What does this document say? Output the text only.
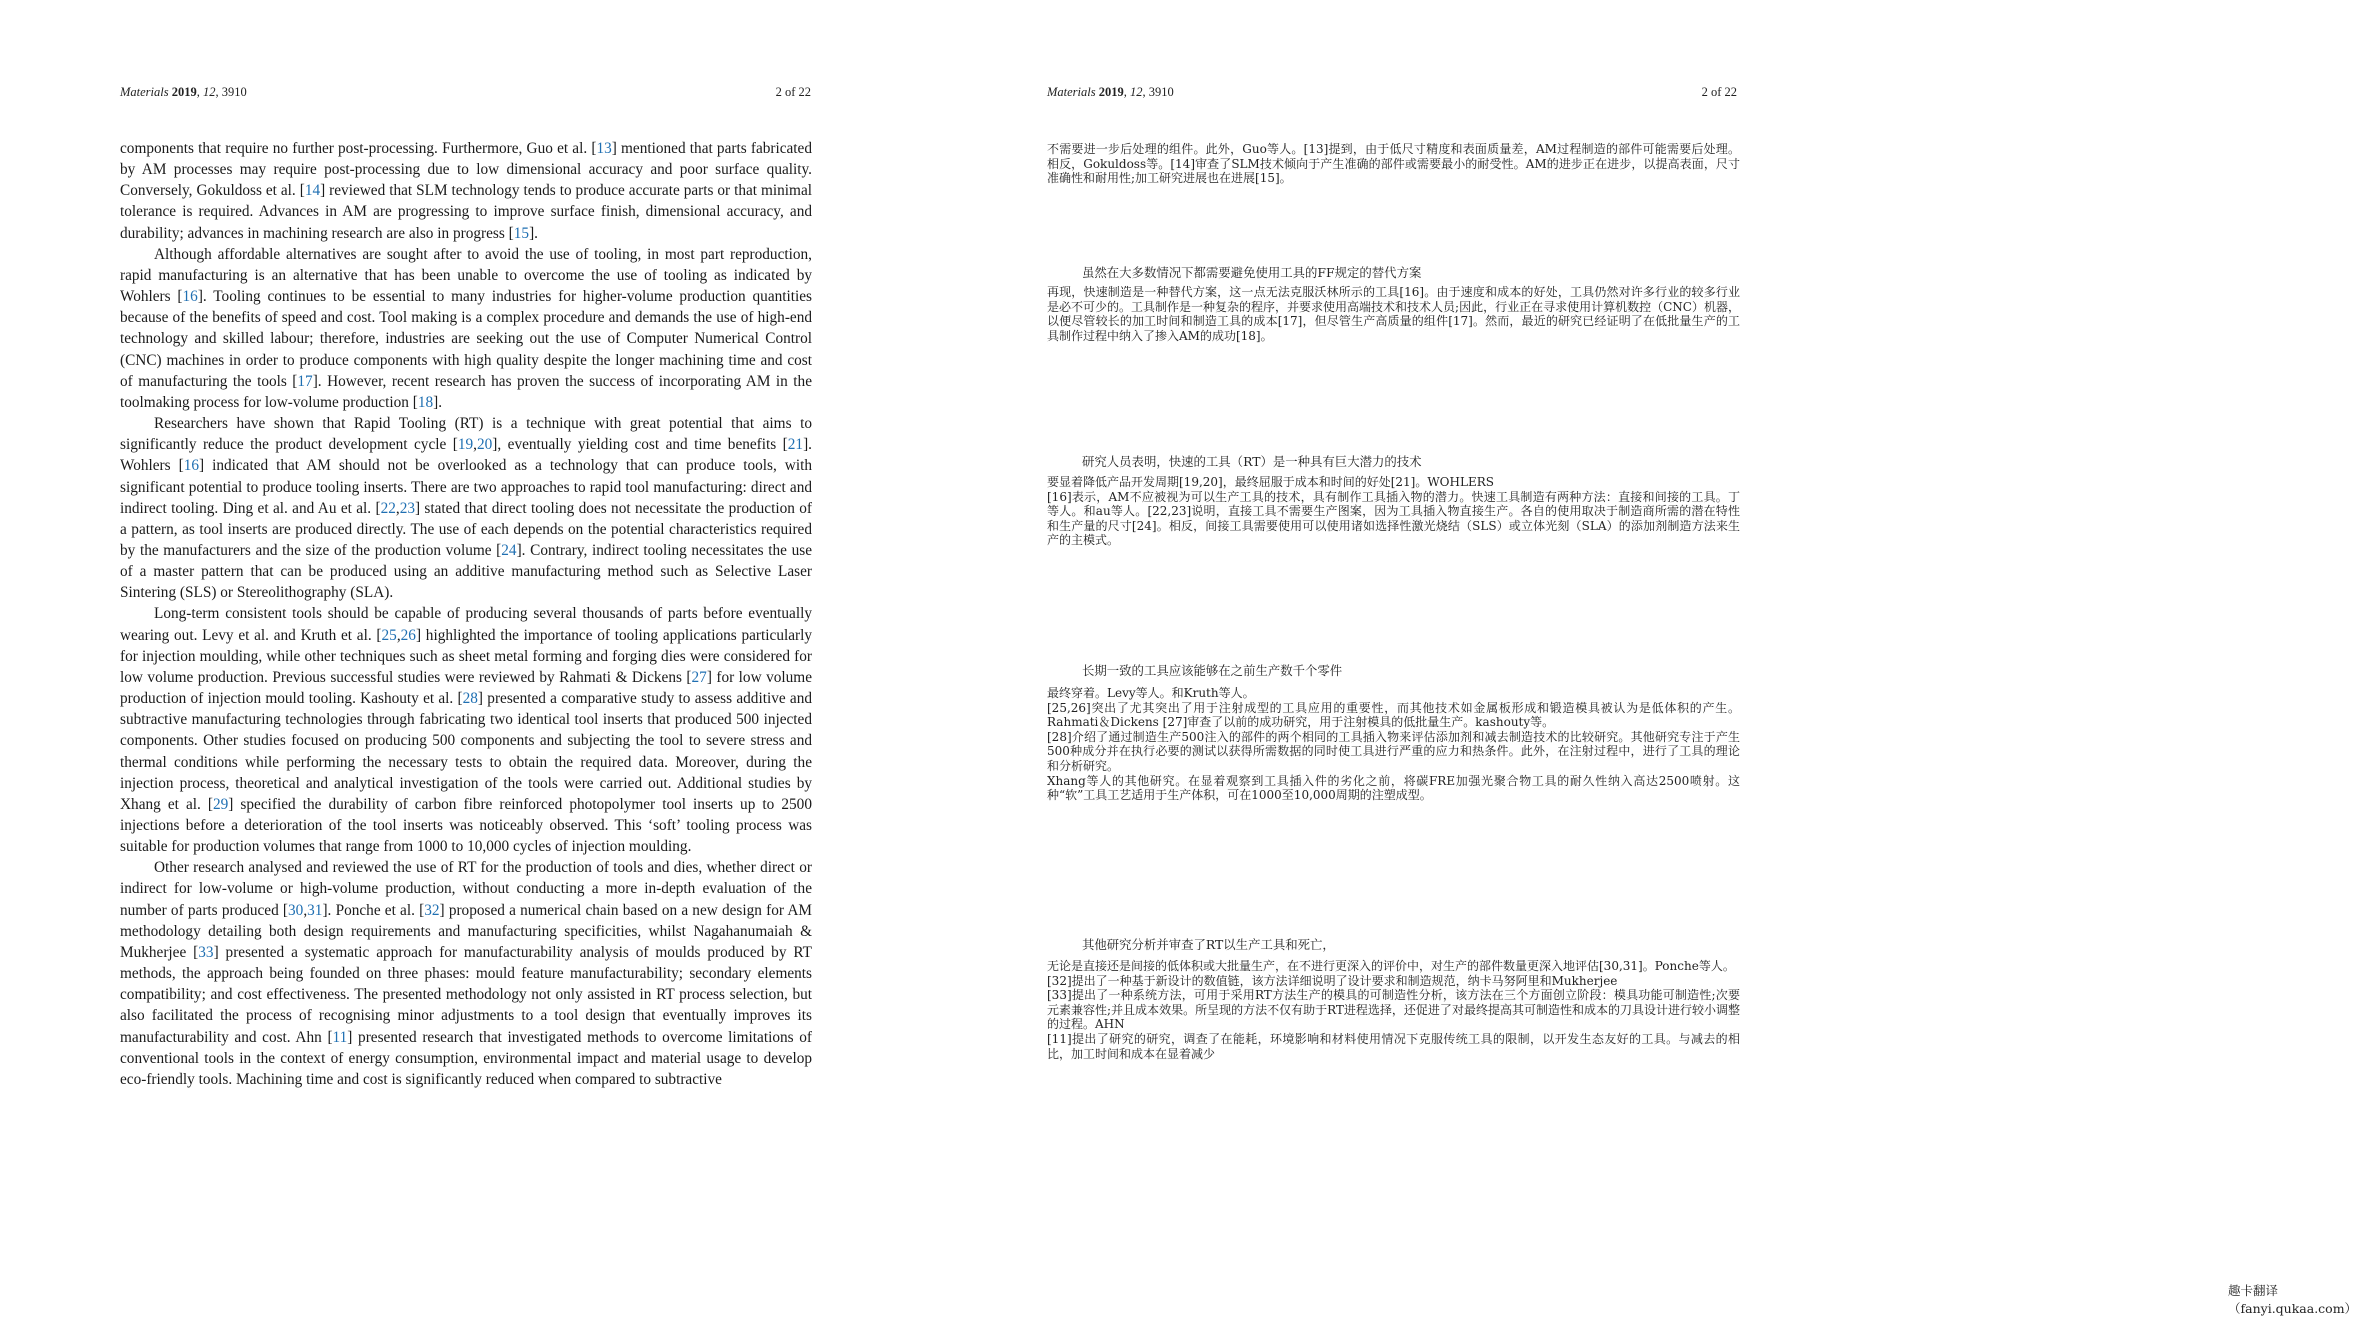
Materials 2019, 12, 3910	2 of 22

components that require no further post-processing. Furthermore, Guo et al. [13] mentioned that parts fabricated by AM processes may require post-processing due to low dimensional accuracy and poor surface quality. Conversely, Gokuldoss et al. [14] reviewed that SLM technology tends to produce accurate parts or that minimal tolerance is required. Advances in AM are progressing to improve surface finish, dimensional accuracy, and durability; advances in machining research are also in progress [15].

Although affordable alternatives are sought after to avoid the use of tooling, in most part reproduction, rapid manufacturing is an alternative that has been unable to overcome the use of tooling as indicated by Wohlers [16]. Tooling continues to be essential to many industries for higher-volume production quantities because of the benefits of speed and cost. Tool making is a complex procedure and demands the use of high-end technology and skilled labour; therefore, industries are seeking out the use of Computer Numerical Control (CNC) machines in order to produce components with high quality despite the longer machining time and cost of manufacturing the tools [17]. However, recent research has proven the success of incorporating AM in the toolmaking process for low-volume production [18].

Researchers have shown that Rapid Tooling (RT) is a technique with great potential that aims to significantly reduce the product development cycle [19,20], eventually yielding cost and time benefits [21]. Wohlers [16] indicated that AM should not be overlooked as a technology that can produce tools, with significant potential to produce tooling inserts. There are two approaches to rapid tool manufacturing: direct and indirect tooling. Ding et al. and Au et al. [22,23] stated that direct tooling does not necessitate the production of a pattern, as tool inserts are produced directly. The use of each depends on the potential characteristics required by the manufacturers and the size of the production volume [24]. Contrary, indirect tooling necessitates the use of a master pattern that can be produced using an additive manufacturing method such as Selective Laser Sintering (SLS) or Stereolithography (SLA).

Long-term consistent tools should be capable of producing several thousands of parts before eventually wearing out. Levy et al. and Kruth et al. [25,26] highlighted the importance of tooling applications particularly for injection moulding, while other techniques such as sheet metal forming and forging dies were considered for low volume production. Previous successful studies were reviewed by Rahmati & Dickens [27] for low volume production of injection mould tooling. Kashouty et al. [28] presented a comparative study to assess additive and subtractive manufacturing technologies through fabricating two identical tool inserts that produced 500 injected components. Other studies focused on producing 500 components and subjecting the tool to severe stress and thermal conditions while performing the necessary tests to obtain the required data. Moreover, during the injection process, theoretical and analytical investigation of the tools were carried out. Additional studies by Xhang et al. [29] specified the durability of carbon fibre reinforced photopolymer tool inserts up to 2500 injections before a deterioration of the tool inserts was noticeably observed. This ‘soft’ tooling process was suitable for production volumes that range from 1000 to 10,000 cycles of injection moulding.

Other research analysed and reviewed the use of RT for the production of tools and dies, whether direct or indirect for low-volume or high-volume production, without conducting a more in-depth evaluation of the number of parts produced [30,31]. Ponche et al. [32] proposed a numerical chain based on a new design for AM methodology detailing both design requirements and manufacturing specificities, whilst Nagahanumaiah & Mukherjee [33] presented a systematic approach for manufacturability analysis of moulds produced by RT methods, the approach being founded on three phases: mould feature manufacturability; secondary elements compatibility; and cost effectiveness. The presented methodology not only assisted in RT process selection, but also facilitated the process of recognising minor adjustments to a tool design that eventually improves its manufacturability and cost. Ahn [11] presented research that investigated methods to overcome limitations of conventional tools in the context of energy consumption, environmental impact and material usage to develop eco-friendly tools. Machining time and cost is significantly reduced when compared to subtractive

Materials 2019, 12, 3910	2 of 22

不需要进一步后处理的组件。此外，Guo等人。[13]提到，由于低尺寸精度和表面质量差，AM过程制造的部件可能需要后处理。相反，Gokuldoss等。[14]审查了SLM技术倾向于产生准确的部件或需要最小的耐受性。AM的进步正在进步，以提高表面，尺寸准确性和耐用性;加工研究进展也在进展[15]。

虽然在大多数情况下都需要避免使用工具的FF规定的替代方案

再现，快速制造是一种替代方案，这一点无法克服沃林所示的工具[16]。由于速度和成本的好处，工具仍然对许多行业的较多行业是必不可少的。工具制作是一种复杂的程序，并要求使用高端技术和技术人员;因此，行业正在寻求使用计算机数控（CNC）机器，以便尽管较长的加工时间和制造工具的成本[17]，但尽管生产高质量的组件[17]。然而，最近的研究已经证明了在低批量生产的工具制作过程中纳入了掺入AM的成功[18]。

研究人员表明，快速的工具（RT）是一种具有巨大潜力的技术

要显着降低产品开发周期[19,20]，最终屈服于成本和时间的好处[21]。WOHLERS

[16]表示，AM不应被视为可以生产工具的技术，具有制作工具插入物的潜力。快速工具制造有两种方法：直接和间接的工具。丁等人。和au等人。[22,23]说明，直接工具不需要生产图案，因为工具插入物直接生产。各自的使用取决于制造商所需的潜在特性和生产量的尺寸[24]。相反，间接工具需要使用可以使用诸如选择性激光烧结（SLS）或立体光刻（SLA）的添加剂制造方法来生产的主模式。

长期一致的工具应该能够在之前生产数千个零件

最终穿着。Levy等人。和Kruth等人。

[25,26]突出了尤其突出了用于注射成型的工具应用的重要性，而其他技术如金属板形成和锻造模具被认为是低体积的产生。Rahmati＆Dickens [27]审查了以前的成功研究，用于注射模具的低批量生产。kashouty等。

[28]介绍了通过制造生产500注入的部件的两个相同的工具插入物来评估添加剂和减去制造技术的比较研究。其他研究专注于产生500种成分并在执行必要的测试以获得所需数据的同时使工具进行严重的应力和热条件。此外，在注射过程中，进行了工具的理论和分析研究。

Xhang等人的其他研究。在显着观察到工具插入件的劣化之前，将碳FRE加强光聚合物工具的耐久性纳入高达2500喷射。这种“软”工具工艺适用于生产体积，可在1000至10,000周期的注塑成型。

其他研究分析并审查了RT以生产工具和死亡，

无论是直接还是间接的低体积或大批量生产，在不进行更深入的评价中，对生产的部件数量更深入地评估[30,31]。Ponche等人。

[32]提出了一种基于新设计的数值链，该方法详细说明了设计要求和制造规范，纳卡马努阿里和Mukherjee

[33]提出了一种系统方法，可用于采用RT方法生产的模具的可制造性分析，该方法在三个方面创立阶段：模具功能可制造性;次要元素兼容性;并且成本效果。所呈现的方法不仅有助于RT进程选择，还促进了对最终提高其可制造性和成本的刀具设计进行较小调整的过程。AHN

[11]提出了研究的研究，调查了在能耗，环境影响和材料使用情况下克服传统工具的限制，以开发生态友好的工具。与减去的相比，加工时间和成本在显着减少

趣卡翻译（fanyi.qukaa.com）
